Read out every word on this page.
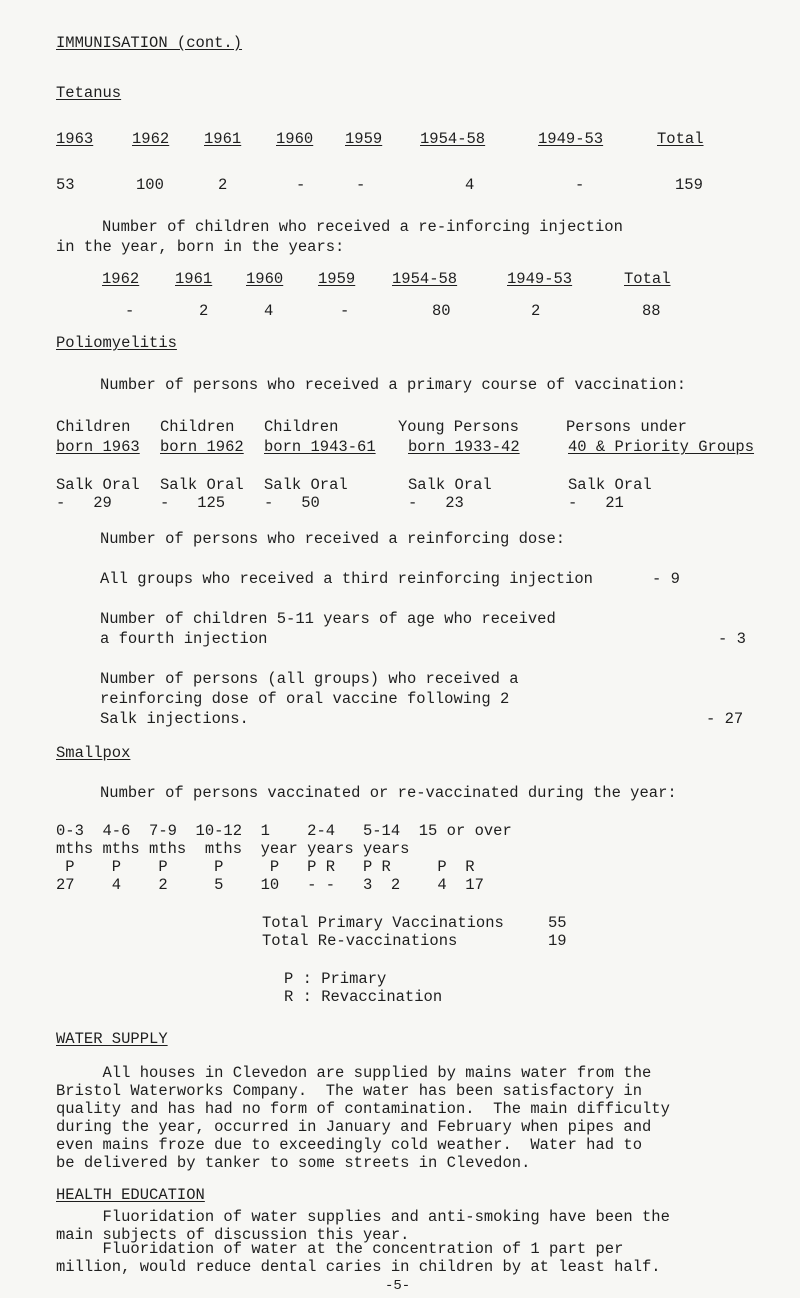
IMMUNISATION (cont.)
Tetanus
1963	1962 1961 1960 1959 1954-58	1949-53	Total
53	100	2	-	-	4	-	159
Number of children who received a re-inforcing injection
in the year, born in the years:
1962 1961 1960 1959 1954-58	1949-53	Total
-	2	4	-	80	2	88
Poliomyelitis
Number of persons who received a primary course of vaccination:
Children Children Children	Young Persons	Persons under
born 1963 born 1962 born 1943-61 born 1933-42	40 & Priority Groups
Salk Oral Salk Oral Salk Oral	Salk Oral	Salk Oral
-   29	-   125	-   50	-   23	-   21
Number of persons who received a reinforcing dose:
All groups who received a third reinforcing injection	- 9
Number of children 5-11 years of age who received
a fourth injection	- 3
Number of persons (all groups) who received a
reinforcing dose of oral vaccine following 2
Salk injections.	- 27
Smallpox
Number of persons vaccinated or re-vaccinated during the year:
0-3  4-6  7-9  10-12  1    2-4   5-14  15 or over
mths mths mths  mths  year years years
P    P    P     P     P   P R   P R     P  R
27    4    2     5    10   - -   3  2    4  17
Total Primary Vaccinations	55
Total Re-vaccinations	19
P : Primary
R : Revaccination
WATER SUPPLY
All houses in Clevedon are supplied by mains water from the
Bristol Waterworks Company.  The water has been satisfactory in
quality and has had no form of contamination.  The main difficulty
during the year, occurred in January and February when pipes and
even mains froze due to exceedingly cold weather.  Water had to
be delivered by tanker to some streets in Clevedon.
HEALTH EDUCATION
Fluoridation of water supplies and anti-smoking have been the
main subjects of discussion this year.
Fluoridation of water at the concentration of 1 part per
million, would reduce dental caries in children by at least half.
-5-
